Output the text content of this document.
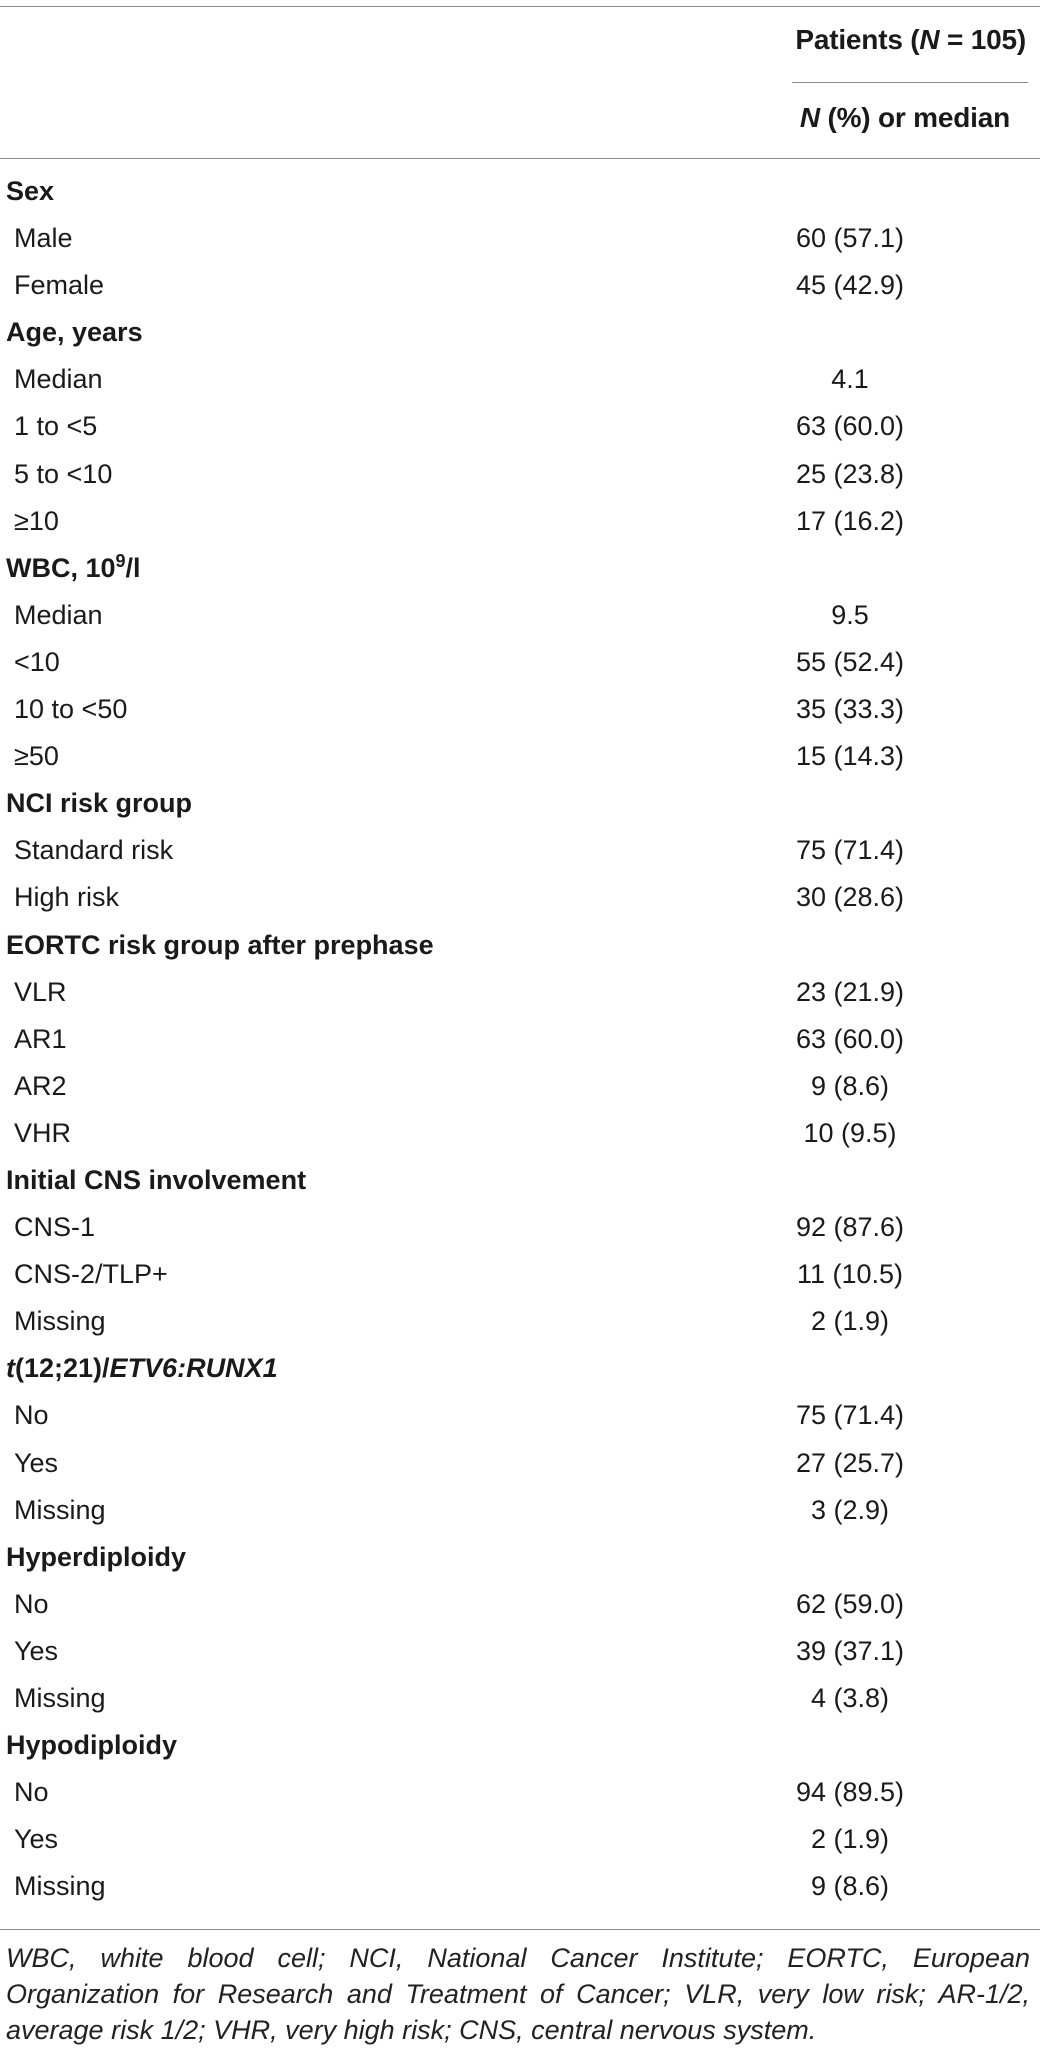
Patients (N = 105)
N (%) or median
Sex
Male	60 (57.1)
Female	45 (42.9)
Age, years
Median	4.1
1 to <5	63 (60.0)
5 to <10	25 (23.8)
≥10	17 (16.2)
WBC, $10^9/l$
Median	9.5
<10	55 (52.4)
10 to <50	35 (33.3)
≥50	15 (14.3)
NCI risk group
Standard risk	75 (71.4)
High risk	30 (28.6)
EORTC risk group after prephase
VLR	23 (21.9)
AR1	63 (60.0)
AR2	9 (8.6)
VHR	10 (9.5)
Initial CNS involvement
CNS-1	92 (87.6)
CNS-2/TLP+	11 (10.5)
Missing	2 (1.9)
t(12;21)/ETV6:RUNX1
No	75 (71.4)
Yes	27 (25.7)
Missing	3 (2.9)
Hyperdiploidy
No	62 (59.0)
Yes	39 (37.1)
Missing	4 (3.8)
Hypodiploidy
No	94 (89.5)
Yes	2 (1.9)
Missing	9 (8.6)
WBC, white blood cell; NCI, National Cancer Institute; EORTC, European Organization for Research and Treatment of Cancer; VLR, very low risk; AR-1/2, average risk 1/2; VHR, very high risk; CNS, central nervous system.
